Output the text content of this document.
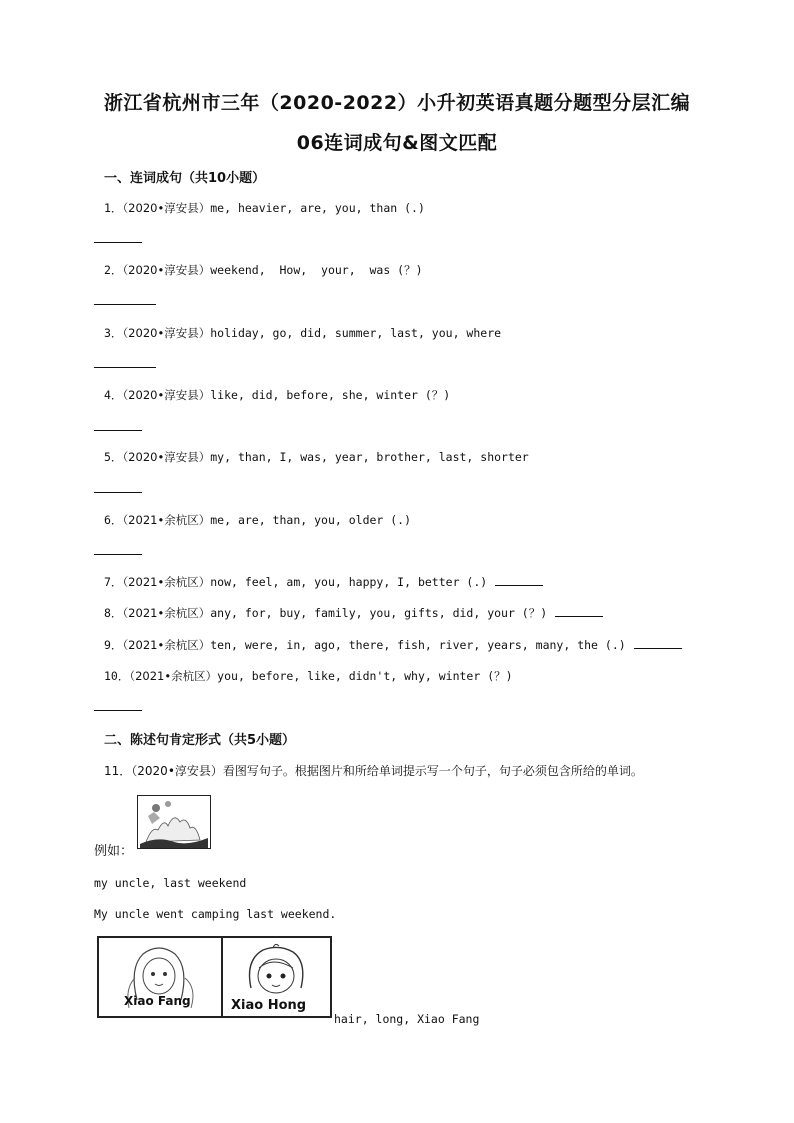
浙江省杭州市三年（2020-2022）小升初英语真题分题型分层汇编
06连词成句&图文匹配
一、连词成句（共10小题）
1．（2020•淳安县）me, heavier, are, you, than (.)
2．（2020•淳安县）weekend,  How,  your,  was (？)
3．（2020•淳安县）holiday, go, did, summer, last, you, where
4．（2020•淳安县）like, did, before, she, winter (？)
5．（2020•淳安县）my, than, I, was, year, brother, last, shorter
6．（2021•余杭区）me, are, than, you, older (.)
7．（2021•余杭区）now, feel, am, you, happy, I, better (.)
8．（2021•余杭区）any, for, buy, family, you, gifts, did, your (？)
9．（2021•余杭区）ten, were, in, ago, there, fish, river, years, many, the (.)
10．（2021•余杭区）you, before, like, didn't, why, winter (？)
二、陈述句肯定形式（共5小题）
11．（2020•淳安县）看图写句子。根据图片和所给单词提示写一个句子，句子必须包含所给的单词。
例如：
my uncle, last weekend
My uncle went camping last weekend.
Xiao Fang	Xiao Hong
hair, long, Xiao Fang
